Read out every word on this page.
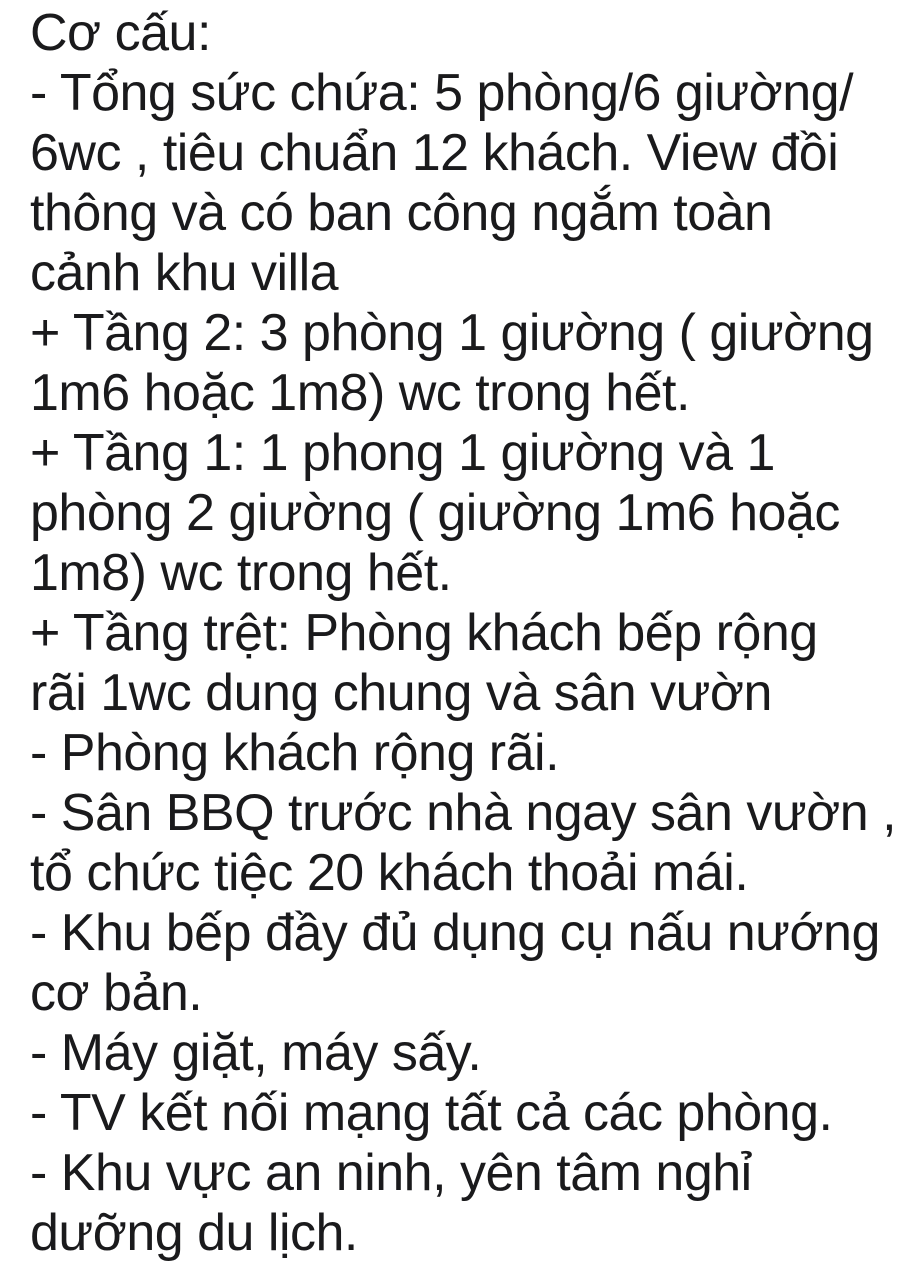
Cơ cấu:
- Tổng sức chứa: 5 phòng/6 giường/
6wc , tiêu chuẩn 12 khách. View đồi
thông và có ban công ngắm toàn
cảnh khu villa
+ Tầng 2: 3 phòng 1 giường ( giường
1m6 hoặc 1m8) wc trong hết.
+ Tầng 1: 1 phong 1 giường và 1
phòng 2 giường ( giường 1m6 hoặc
1m8) wc trong hết.
+ Tầng trệt: Phòng khách bếp rộng
rãi 1wc dung chung và sân vườn
- Phòng khách rộng rãi.
- Sân BBQ trước nhà ngay sân vườn ,
tổ chức tiệc 20 khách thoải mái.
- Khu bếp đầy đủ dụng cụ nấu nướng
cơ bản.
- Máy giặt, máy sấy.
- TV kết nối mạng tất cả các phòng.
- Khu vực an ninh, yên tâm nghỉ
dưỡng du lịch.
